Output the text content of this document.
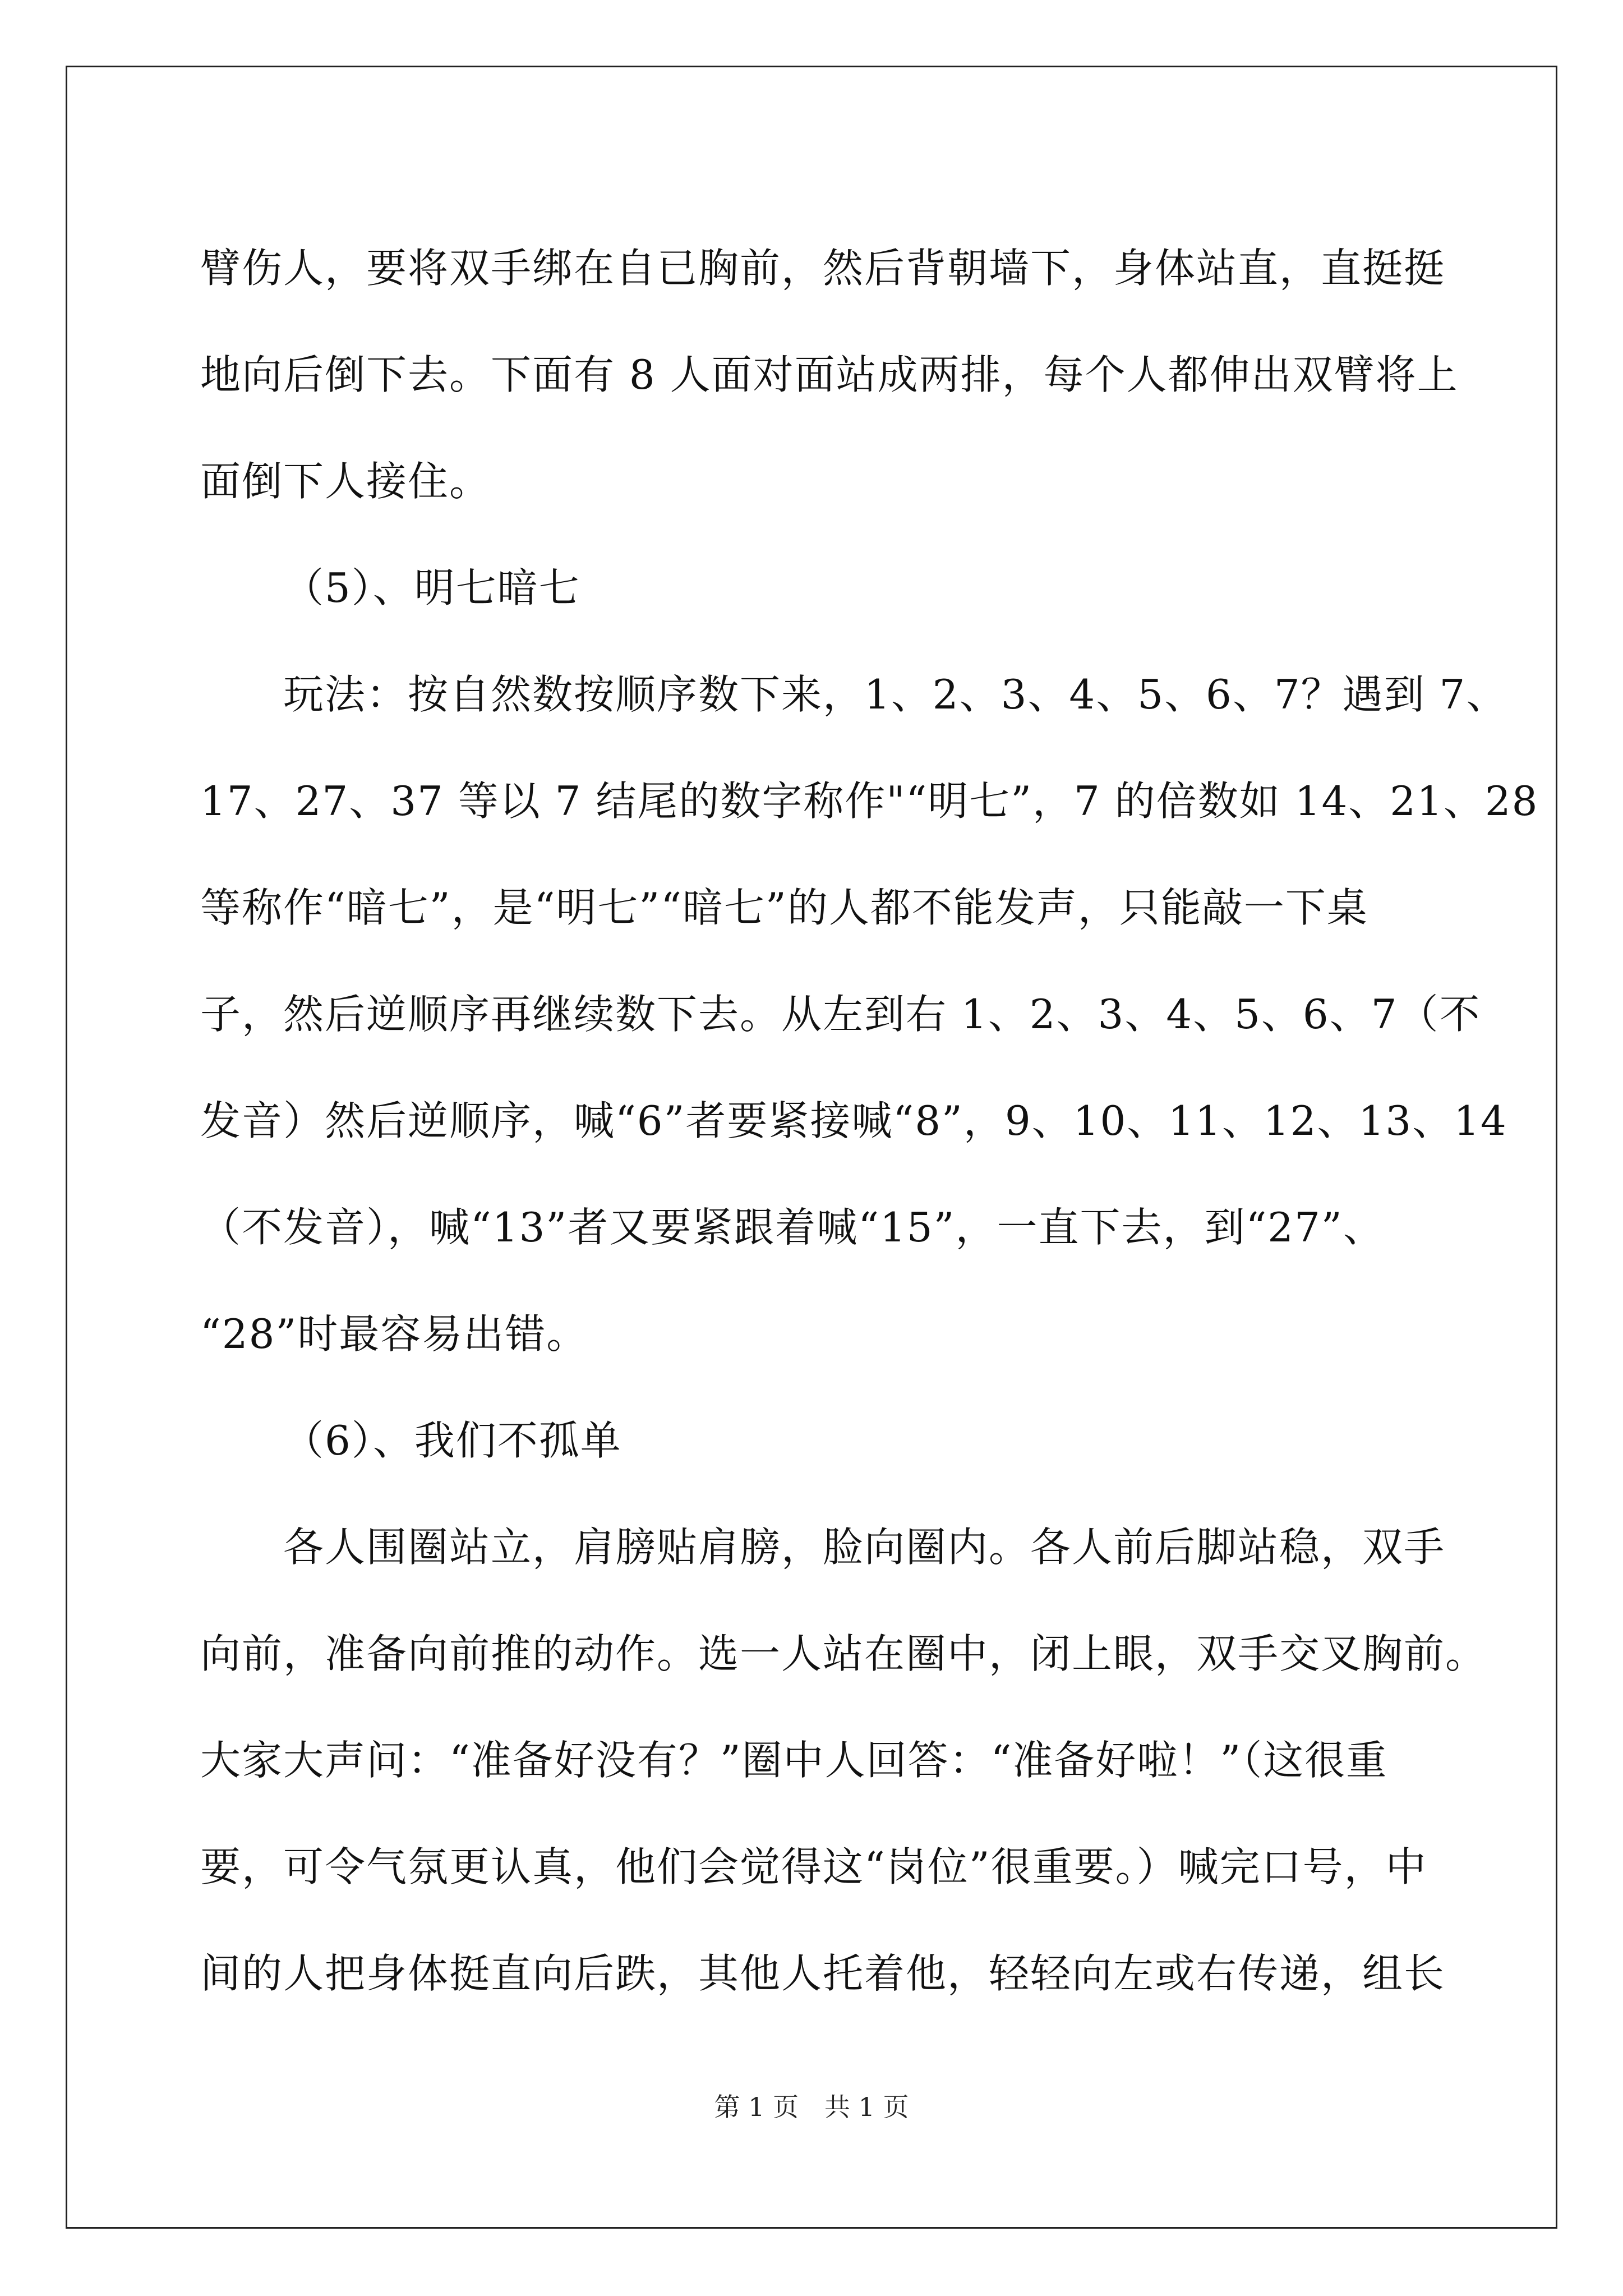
臂伤人，要将双手绑在自已胸前，然后背朝墙下，身体站直，直挺挺
地向后倒下去。下面有 8 人面对面站成两排，每个人都伸出双臂将上
面倒下人接住。
（5）、明七暗七
玩法：按自然数按顺序数下来，1、2、3、4、5、6、7？遇到 7、
17、27、37 等以 7 结尾的数字称作"“明七”，7 的倍数如 14、21、28
等称作“暗七”，是“明七”“暗七”的人都不能发声，只能敲一下桌
子，然后逆顺序再继续数下去。从左到右 1、2、3、4、5、6、7（不
发音）然后逆顺序，喊“6”者要紧接喊“8”，9、10、11、12、13、14
（不发音），喊“13”者又要紧跟着喊“15”，一直下去，到“27”、
“28”时最容易出错。
（6）、我们不孤单
各人围圈站立，肩膀贴肩膀，脸向圈内。各人前后脚站稳，双手
向前，准备向前推的动作。选一人站在圈中，闭上眼，双手交叉胸前。
大家大声问：“准备好没有？”圈中人回答：“准备好啦！”（这很重
要，可令气氛更认真，他们会觉得这“岗位”很重要。）喊完口号，中
间的人把身体挺直向后跌，其他人托着他，轻轻向左或右传递，组长
第 1 页　共 1 页
